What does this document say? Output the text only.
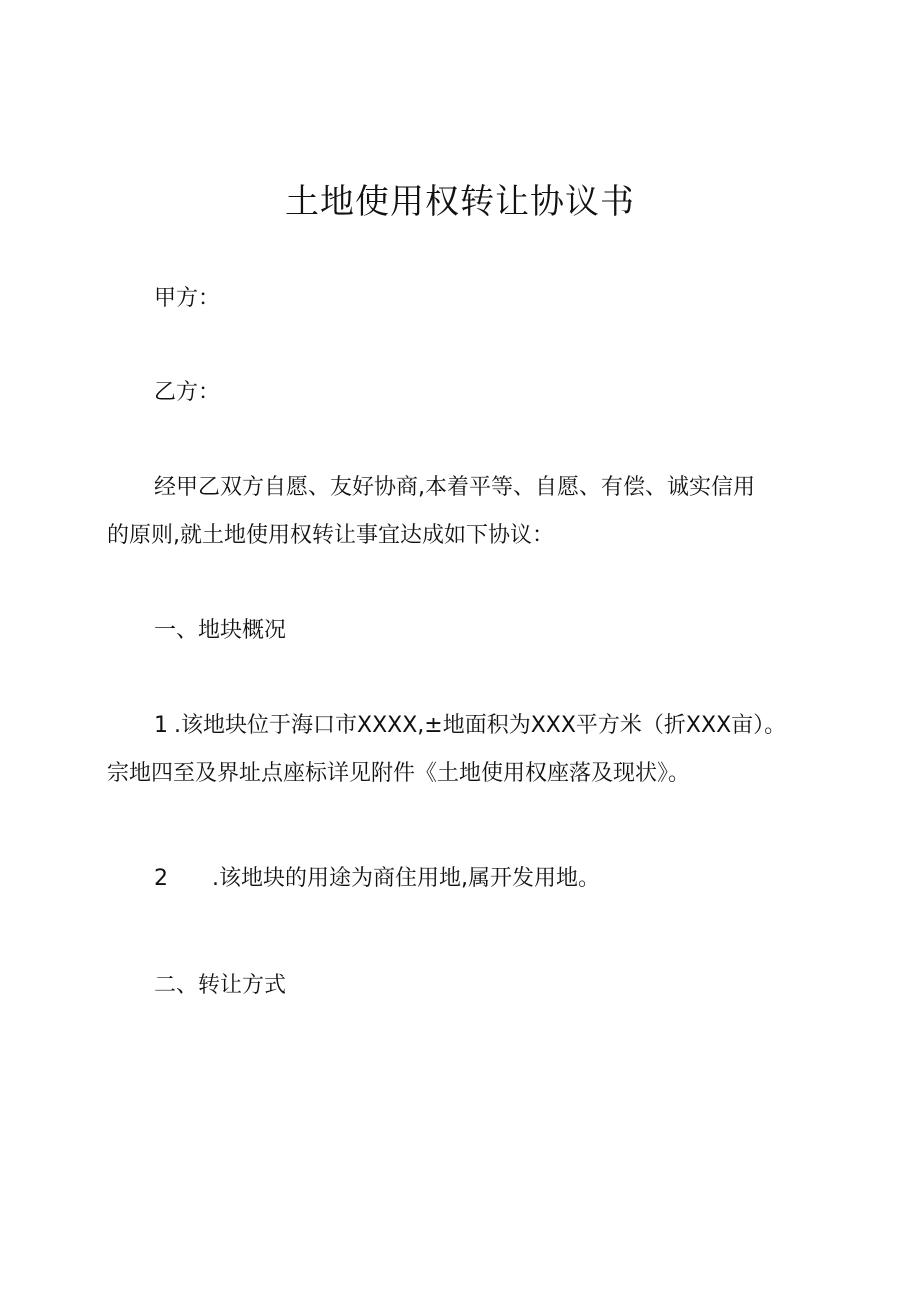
土地使用权转让协议书
甲方：
乙方：
经甲乙双方自愿、友好协商,本着平等、自愿、有偿、诚实信用
的原则,就土地使用权转让事宜达成如下协议：
一、地块概况
1 .该地块位于海口市XXXX,±地面积为XXX平方米（折XXX亩）。
宗地四至及界址点座标详见附件《土地使用权座落及现状》。
2 .该地块的用途为商住用地,属开发用地。
二、转让方式
